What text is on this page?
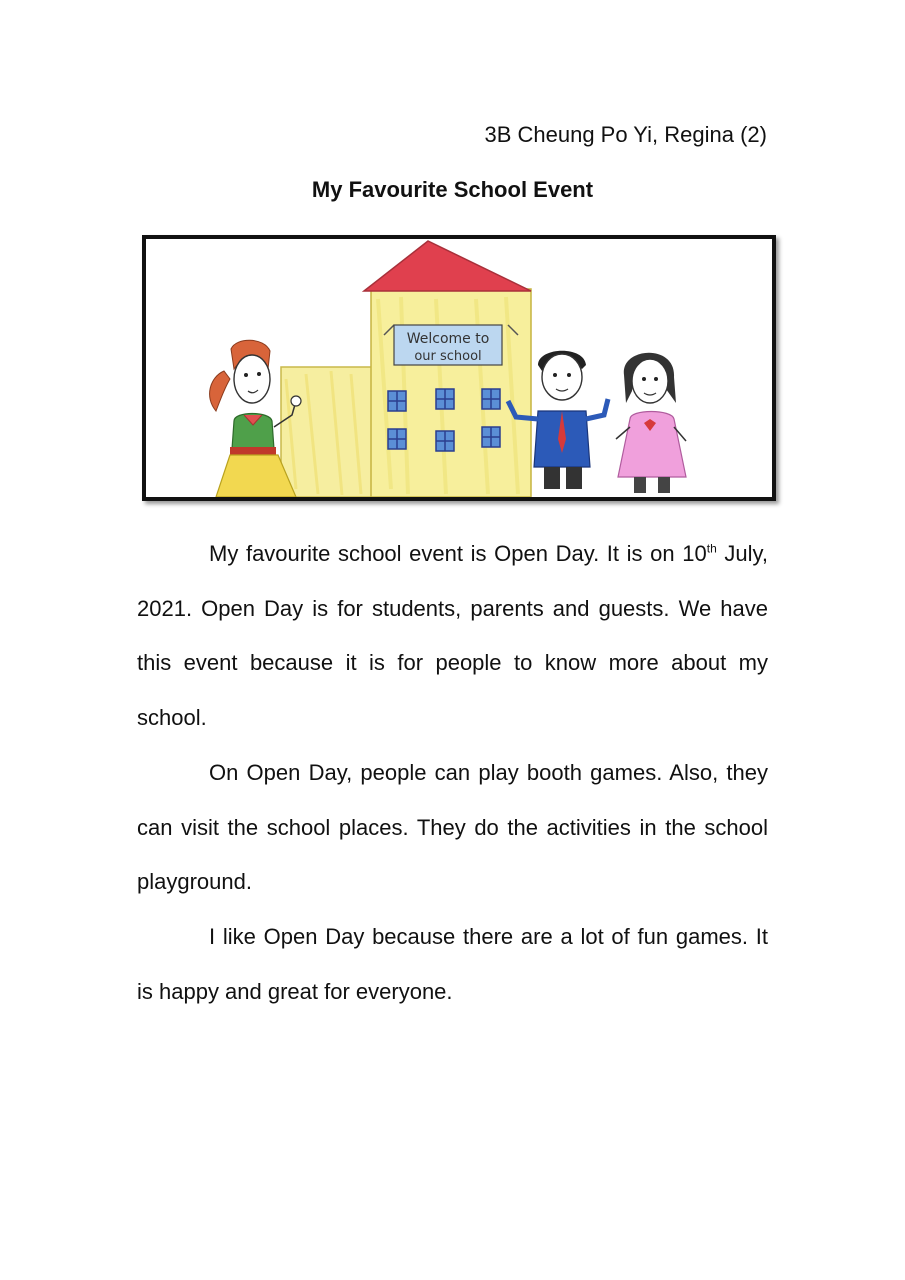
3B Cheung Po Yi, Regina (2)
My Favourite School Event
Welcome to
our school

My favourite school event is Open Day. It is on 10th July, 2021. Open Day is for students, parents and guests. We have this event because it is for people to know more about my school.

On Open Day, people can play booth games. Also, they can visit the school places. They do the activities in the school playground.

I like Open Day because there are a lot of fun games. It is happy and great for everyone.
